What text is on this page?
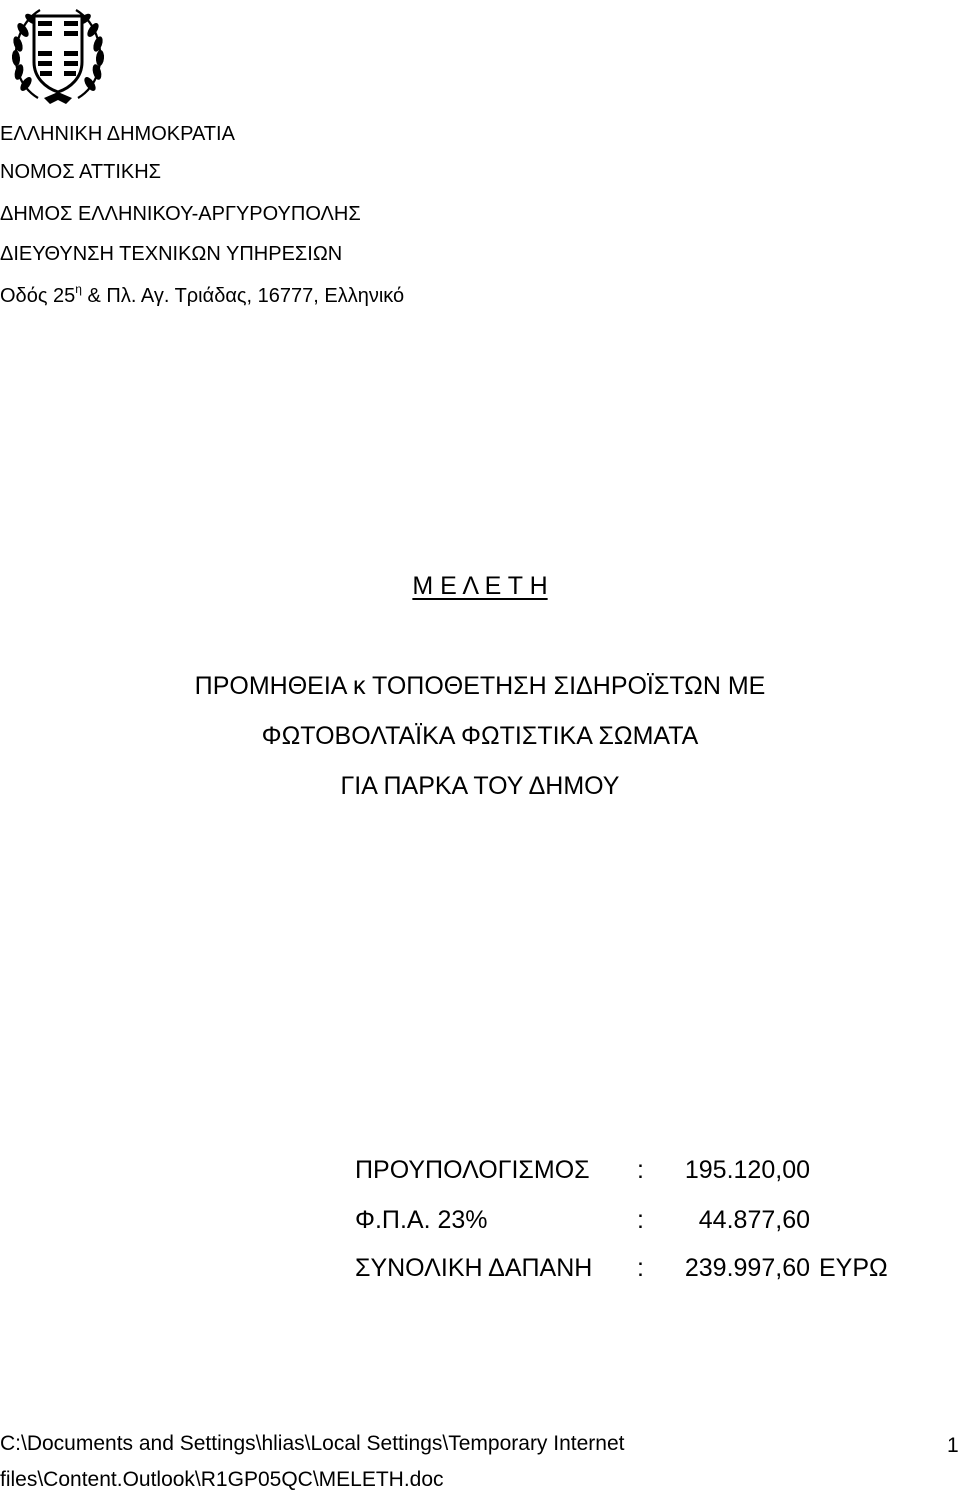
ΕΛΛΗΝΙΚΗ ΔΗΜΟΚΡΑΤΙΑ
ΝΟΜΟΣ ΑΤΤΙΚΗΣ
ΔΗΜΟΣ ΕΛΛΗΝΙΚΟΥ-ΑΡΓΥΡΟΥΠΟΛΗΣ
ΔΙΕΥΘΥΝΣΗ ΤΕΧΝΙΚΩΝ ΥΠΗΡΕΣΙΩΝ
Οδός $25^\eta$ & Πλ. Αγ. Τριάδας, 16777, Ελληνικό
Μ Ε Λ Ε Τ Η
ΠΡΟΜΗΘΕΙΑ κ ΤΟΠΟΘΕΤΗΣΗ ΣΙΔΗΡΟΪΣΤΩΝ ΜΕ
ΦΩΤΟΒΟΛΤΑΪΚΑ ΦΩΤΙΣΤΙΚΑ ΣΩΜΑΤΑ
ΓΙΑ ΠΑΡΚΑ ΤΟΥ ΔΗΜΟΥ
ΠΡΟΥΠΟΛΟΓΙΣΜΟΣ :	195.120,00
Φ.Π.Α. 23%	:	44.877,60
ΣΥΝΟΛΙΚΗ ΔΑΠΑΝΗ :	239.997,60 ΕΥΡΩ
C:\Documents and Settings\hlias\Local Settings\Temporary Internet
files\Content.Outlook\R1GP05QC\MELETH.doc
1
